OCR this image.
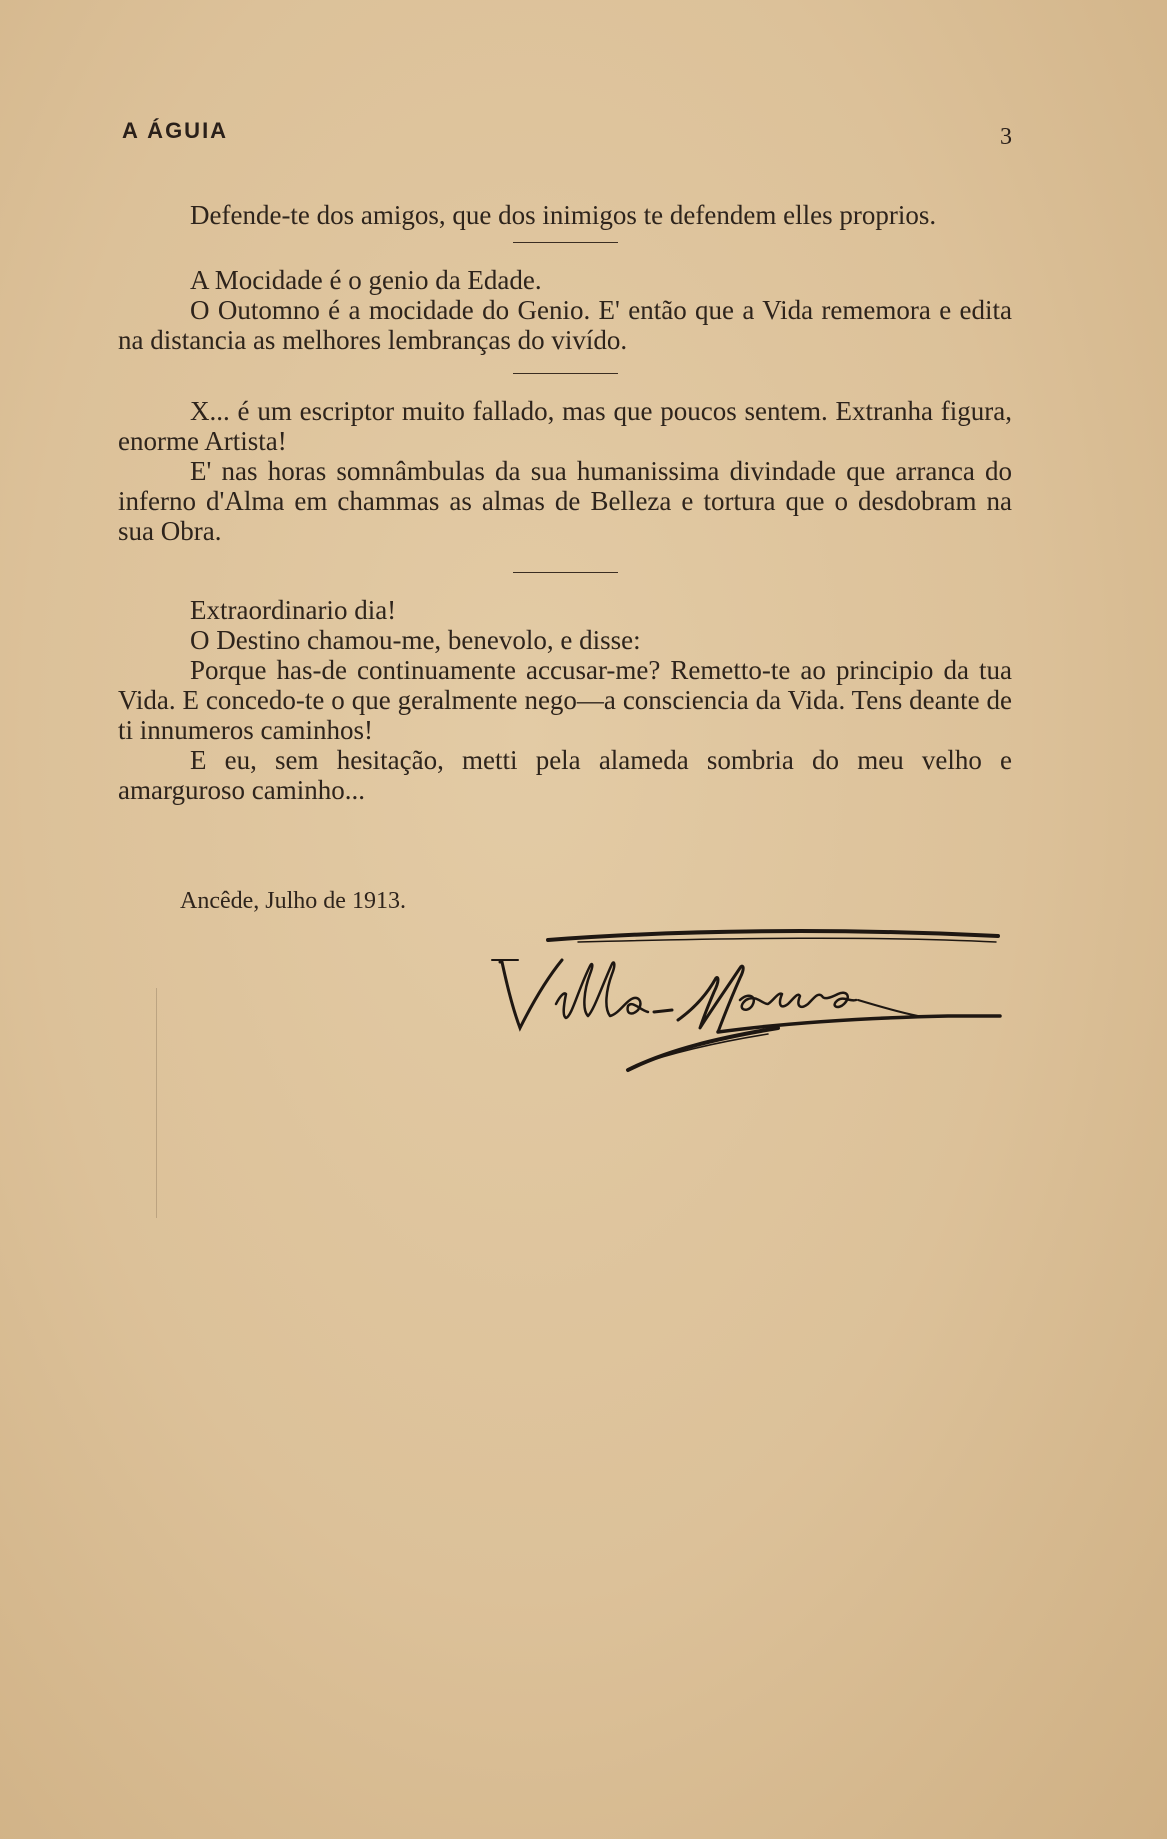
A ÁGUIA	3

Defende-te dos amigos, que dos inimigos te defendem elles proprios.

A Mocidade é o genio da Edade.

O Outomno é a mocidade do Genio. E' então que a Vida rememora e edita na distancia as melhores lembranças do vivído.

X... é um escriptor muito fallado, mas que poucos sentem. Extranha figura, enorme Artista!

E' nas horas somnâmbulas da sua humanissima divindade que arranca do inferno d'Alma em chammas as almas de Belleza e tortura que o desdobram na sua Obra.

Extraordinario dia!

O Destino chamou-me, benevolo, e disse:

Porque has-de continuamente accusar-me? Remetto-te ao principio da tua Vida. E concedo-te o que geralmente nego—a consciencia da Vida. Tens deante de ti innumeros caminhos!

E eu, sem hesitação, metti pela alameda sombria do meu velho e amarguroso caminho...

Ancêde, Julho de 1913.
